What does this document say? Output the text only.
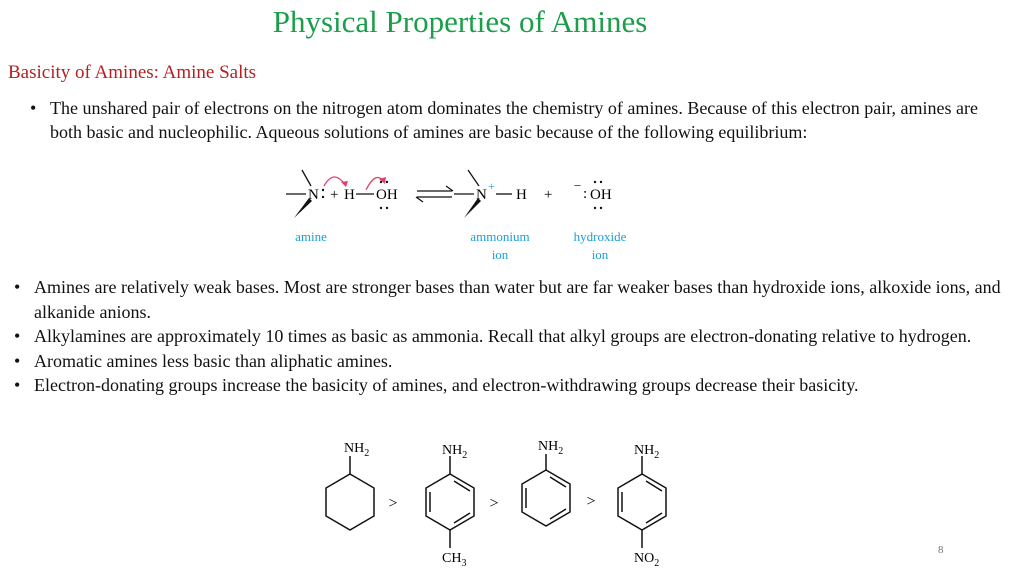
Physical Properties of Amines
Basicity of Amines: Amine Salts
• The unshared pair of electrons on the nitrogen atom dominates the chemistry of amines. Because of this electron pair, amines are both basic and nucleophilic. Aqueous solutions of amines are basic because of the following equilibrium:
N + H OH	N
+
H +
−
: OH
amine	ammonium
ion
hydroxide
ion
• Amines are relatively weak bases. Most are stronger bases than water but are far weaker bases than hydroxide ions, alkoxide ions, and alkanide anions.
• Alkylamines are approximately 10 times as basic as ammonia. Recall that alkyl groups are electron-donating relative to hydrogen.
• Aromatic amines less basic than aliphatic amines.
• Electron-donating groups increase the basicity of amines, and electron-withdrawing groups decrease their basicity.
$NH_2$
>
$NH_2$
$CH_3$
>
$NH_2$
>
$NH_2$
$NO_2$
8
